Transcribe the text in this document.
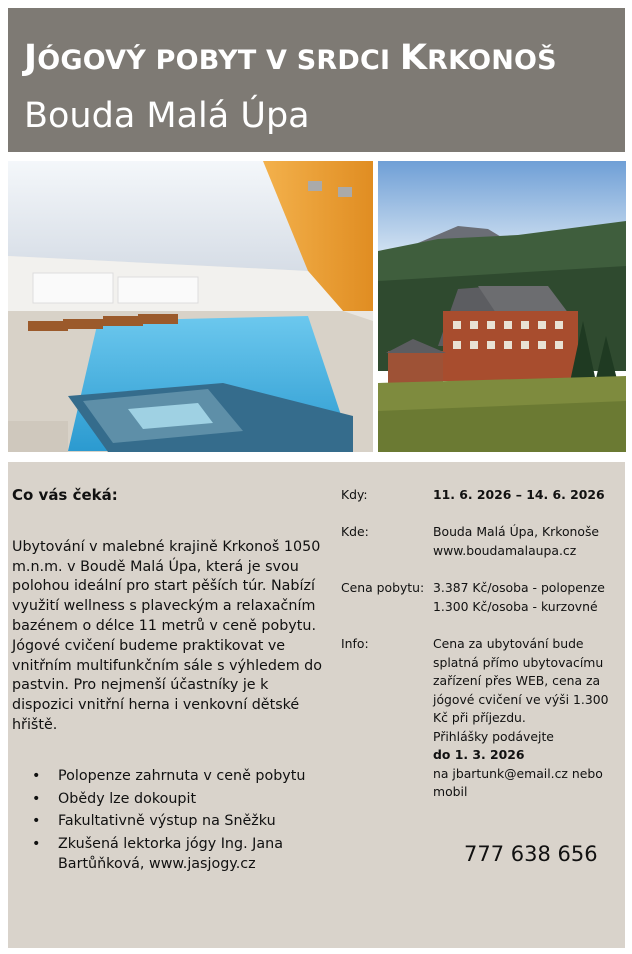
JÓGOVÝ POBYT V SRDCI KRKONOŠ
Bouda Malá Úpa

Co vás čeká:

Ubytování v malebné krajině Krkonoš 1050 m.n.m. v Boudě Malá Úpa, která je svou polohou ideální pro start pěších túr. Nabízí využití wellness s plaveckým a relaxačním bazénem o délce 11 metrů v ceně pobytu. Jógové cvičení budeme praktikovat ve vnitřním multifunkčním sále s výhledem do pastvin. Pro nejmenší účastníky je k dispozici vnitřní herna i venkovní dětské hřiště.

• Polopenze zahrnuta v ceně pobytu
• Obědy lze dokoupit
• Fakultativně výstup na Sněžku
• Zkušená lektorka jógy Ing. Jana Bartůňková, www.jasjogy.cz
Kdy:	11. 6. 2026 – 14. 6. 2026
Kde:	Bouda Malá Úpa, Krkonoše
www.boudamalaupa.cz
Cena pobytu: 3.387 Kč/osoba - polopenze
1.300 Kč/osoba - kurzovné
Info:	Cena za ubytování bude splatná přímo ubytovacímu zařízení přes WEB, cena za jógové cvičení ve výši 1.300 Kč při příjezdu.
Přihlášky podávejte
do 1. 3. 2026
na jbartunk@email.cz nebo mobil
777 638 656
